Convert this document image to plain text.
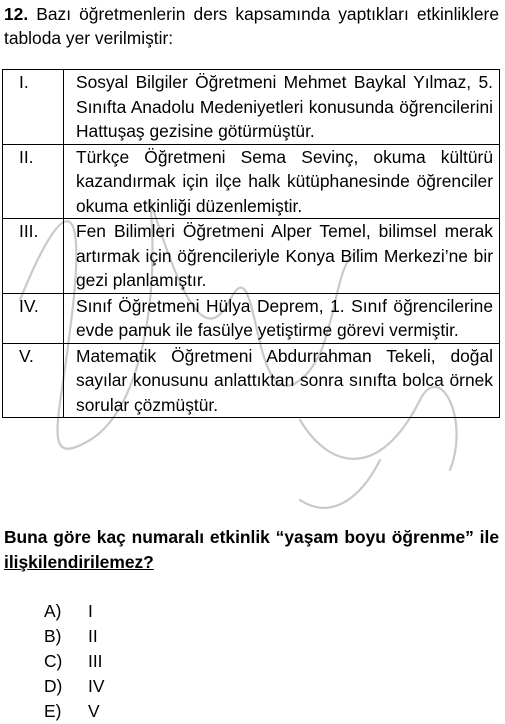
12. Bazı öğretmenlerin ders kapsamında yaptıkları etkinliklere tabloda yer verilmiştir:
I.	Sosyal Bilgiler Öğretmeni Mehmet Baykal Yılmaz, 5. Sınıfta Anadolu Medeniyetleri konusunda öğrencilerini Hattuşaş gezisine götürmüştür.
II.	Türkçe Öğretmeni Sema Sevinç, okuma kültürü kazandırmak için ilçe halk kütüphanesinde öğrenciler okuma etkinliği düzenlemiştir.
III.	Fen Bilimleri Öğretmeni Alper Temel, bilimsel merak artırmak için öğrencileriyle Konya Bilim Merkezi’ne bir gezi planlamıştır.
IV.	Sınıf Öğretmeni Hülya Deprem, 1. Sınıf öğrencilerine evde pamuk ile fasülye yetiştirme görevi vermiştir.
V.	Matematik Öğretmeni Abdurrahman Tekeli, doğal sayılar konusunu anlattıktan sonra sınıfta bolca örnek sorular çözmüştür.
Buna göre kaç numaralı etkinlik “yaşam boyu öğrenme” ile ilişkilendirilemez?
A)	I
B)	II
C)	III
D)	IV
E)	V
